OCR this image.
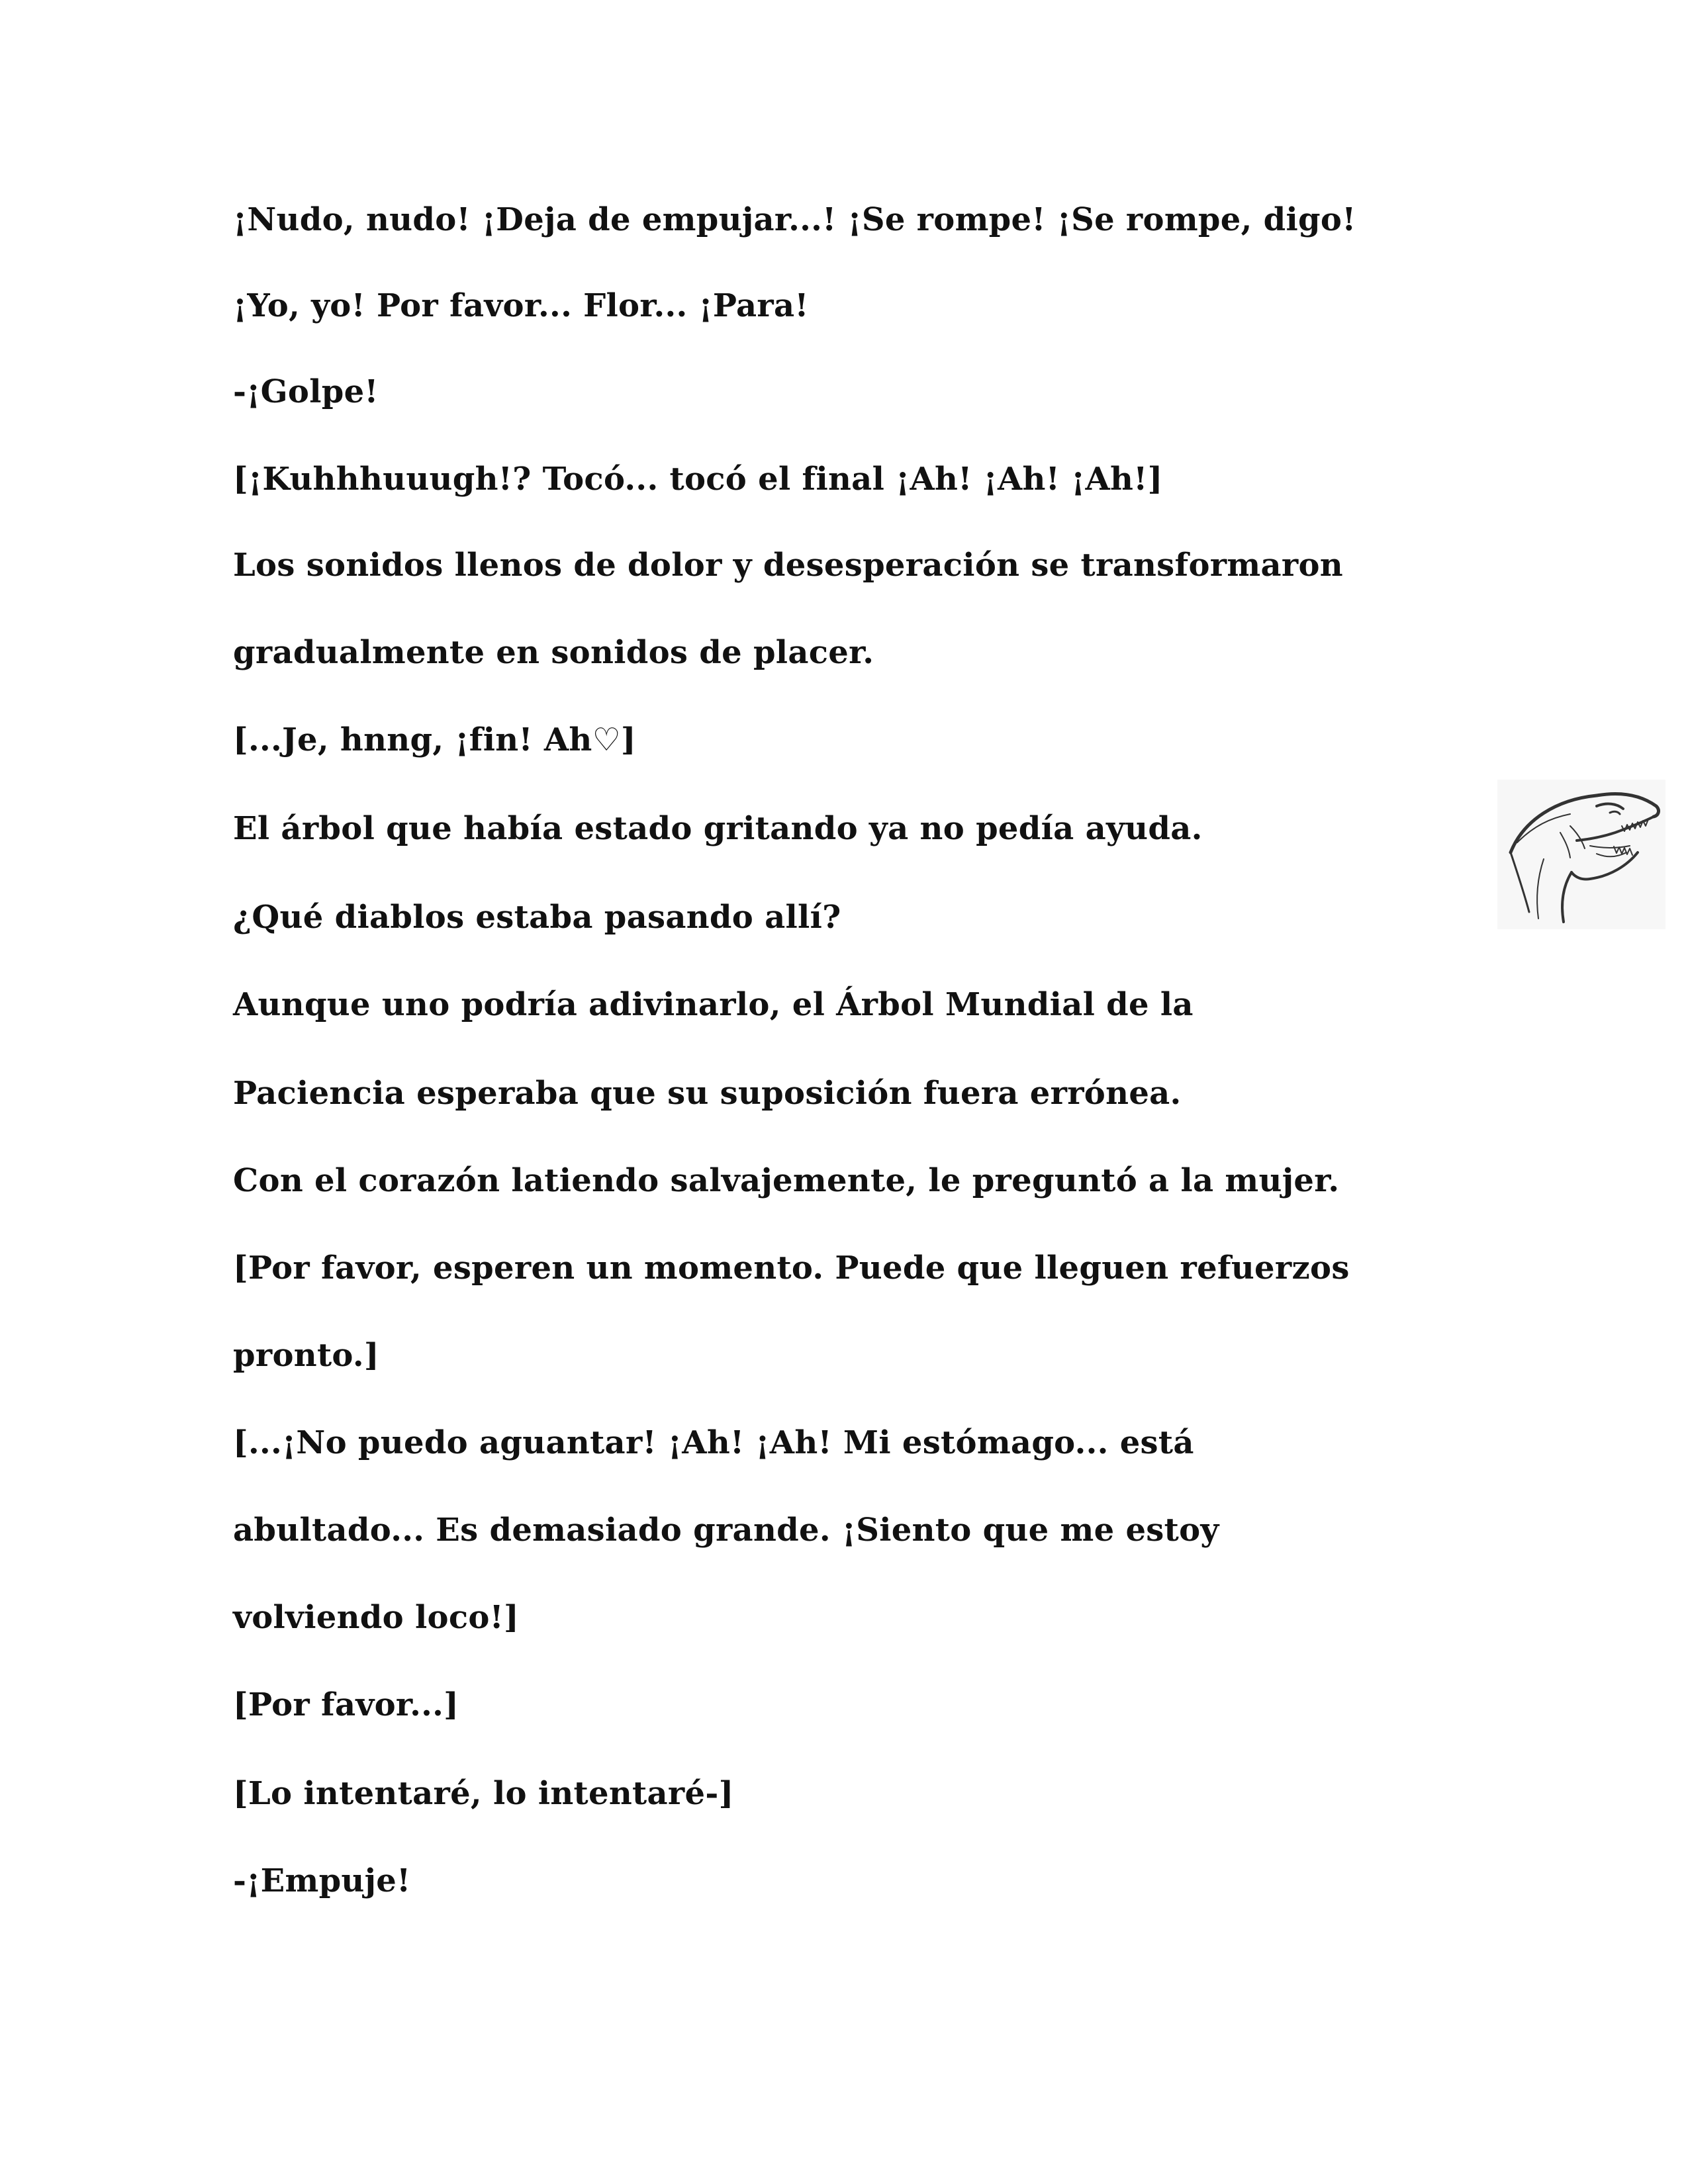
¡Nudo, nudo! ¡Deja de empujar...! ¡Se rompe! ¡Se rompe, digo!
¡Yo, yo! Por favor... Flor... ¡Para!
-¡Golpe!
[¡Kuhhhuuugh!? Tocó... tocó el final ¡Ah! ¡Ah! ¡Ah!]
Los sonidos llenos de dolor y desesperación se transformaron
gradualmente en sonidos de placer.
[...Je, hnng, ¡fin! Ah♡]
El árbol que había estado gritando ya no pedía ayuda.
¿Qué diablos estaba pasando allí?
Aunque uno podría adivinarlo, el Árbol Mundial de la
Paciencia esperaba que su suposición fuera errónea.
Con el corazón latiendo salvajemente, le preguntó a la mujer.
[Por favor, esperen un momento. Puede que lleguen refuerzos
pronto.]
[...¡No puedo aguantar! ¡Ah! ¡Ah! Mi estómago... está
abultado... Es demasiado grande. ¡Siento que me estoy
volviendo loco!]
[Por favor...]
[Lo intentaré, lo intentaré-]
-¡Empuje!
